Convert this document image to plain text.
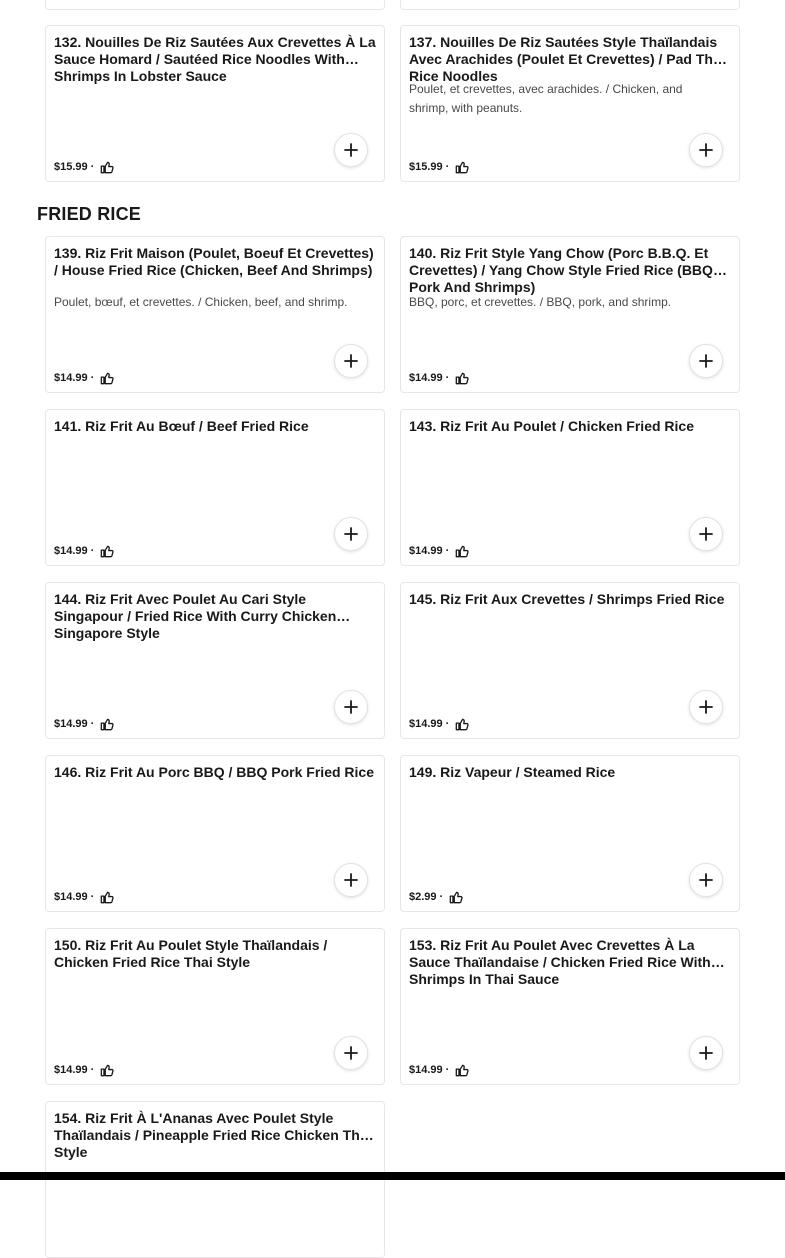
132. Nouilles De Riz Sautées Aux Crevettes À La Sauce Homard / Sautéed Rice Noodles With Shrimps In Lobster Sauce
$15.99 ·
137. Nouilles De Riz Sautées Style Thaïlandais Avec Arachides (Poulet Et Crevettes) / Pad Thai Rice Noodles
Poulet, et crevettes, avec arachides. / Chicken, and shrimp, with peanuts.
$15.99 ·
FRIED RICE
139. Riz Frit Maison (Poulet, Boeuf Et Crevettes) / House Fried Rice (Chicken, Beef And Shrimps)
Poulet, bœuf, et crevettes. / Chicken, beef, and shrimp.
$14.99 ·
140. Riz Frit Style Yang Chow (Porc B.B.Q. Et Crevettes) / Yang Chow Style Fried Rice (BBQ Pork And Shrimps)
BBQ, porc, et crevettes. / BBQ, pork, and shrimp.
$14.99 ·
141. Riz Frit Au Bœuf / Beef Fried Rice
$14.99 ·
143. Riz Frit Au Poulet / Chicken Fried Rice
$14.99 ·
144. Riz Frit Avec Poulet Au Cari Style Singapour / Fried Rice With Curry Chicken Singapore Style
$14.99 ·
145. Riz Frit Aux Crevettes / Shrimps Fried Rice
$14.99 ·
146. Riz Frit Au Porc BBQ / BBQ Pork Fried Rice
$14.99 ·
149. Riz Vapeur / Steamed Rice
$2.99 ·
150. Riz Frit Au Poulet Style Thaïlandais / Chicken Fried Rice Thai Style
$14.99 ·
153. Riz Frit Au Poulet Avec Crevettes À La Sauce Thaïlandaise / Chicken Fried Rice With Shrimps In Thai Sauce
$14.99 ·
154. Riz Frit À L'Ananas Avec Poulet Style Thaïlandais / Pineapple Fried Rice Chicken Thai Style
